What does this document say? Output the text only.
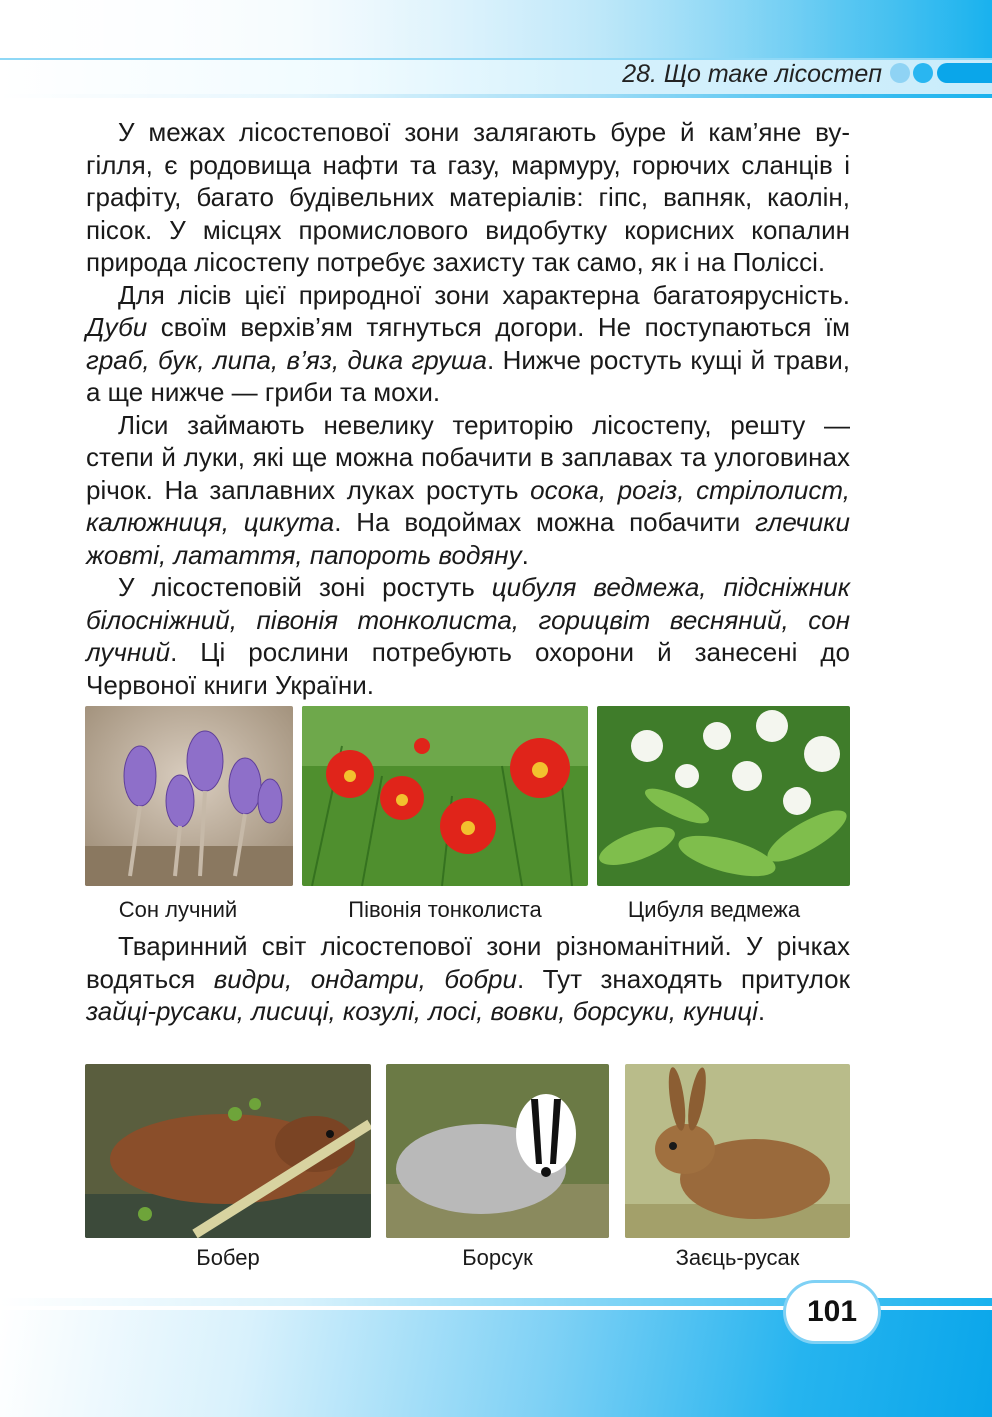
28. Що таке лісостеп

У межах лісостепової зони залягають буре й кам’яне вугілля, є родовища нафти та газу, мармуру, горючих сланців і графіту, багато будівельних матеріалів: гіпс, вапняк, каолін, пісок. У місцях промислового видобутку корисних копалин природа лісостепу потребує захисту так само, як і на Поліссі.

Для лісів цієї природної зони характерна багатоярусність. Дуби своїм верхів’ям тягнуться догори. Не поступаються їм граб, бук, липа, в’яз, дика груша. Нижче ростуть кущі й трави, а ще нижче — гриби та мохи.

Ліси займають невелику територію лісостепу, решту — степи й луки, які ще можна побачити в заплавах та улоговинах річок. На заплавних луках ростуть осока, рогіз, стрілолист, калюжниця, цикута. На водоймах можна побачити глечики жовті, латаття, папороть водяну.

У лісостеповій зоні ростуть цибуля ведмежа, підсніжник білосніжний, півонія тонколиста, горицвіт весняний, сон лучний. Ці рослини потребують охорони й занесені до Червоної книги України.

Сон лучний	Півонія тонколиста	Цибуля ведмежа

Тваринний світ лісостепової зони різноманітний. У річках водяться видри, ондатри, бобри. Тут знаходять притулок зайці-русаки, лисиці, козулі, лосі, вовки, борсуки, куниці.

Бобер	Борсук	Заєць-русак
101
